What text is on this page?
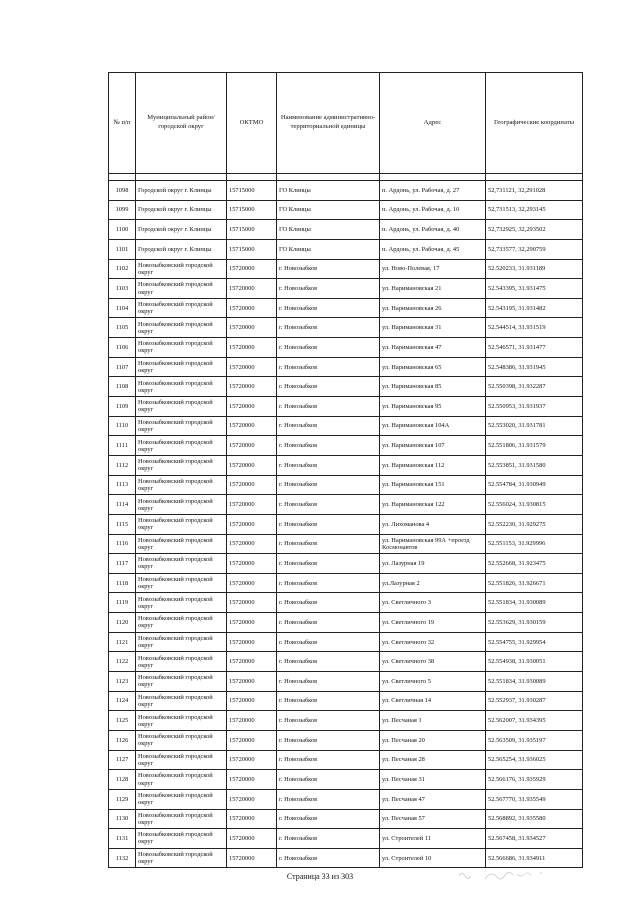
№ п/п	Муниципальный район/городской округ	ОКТМО	Наименование административно-территориальной единицы	Адрес	Географические координаты

1098	Городской округ г. Клинцы	15715000	ГО Клинцы	п. Ардонь, ул. Рабочая, д. 27	52,731121, 32,291028
1099	Городской округ г. Клинцы	15715000	ГО Клинцы	п. Ардонь, ул. Рабочая, д. 10	52,731513, 32,293145
1100	Городской округ г. Клинцы	15715000	ГО Клинцы	п. Ардонь, ул. Рабочая, д. 40	52,732925, 32,293502
1101	Городской округ г. Клинцы	15715000	ГО Клинцы	п. Ардонь, ул. Рабочая, д. 45	52,733577, 32,290759
1102	Новозыбковский городской округ	15720000	г. Новозыбков	ул. Ново-Полевая, 17	52.520233, 31.931189
1103	Новозыбковский городской округ	15720000	г. Новозыбков	ул. Наримановская 21	52.543395, 31.931475
1104	Новозыбковский городской округ	15720000	г. Новозыбков	ул. Наримановская 26	52.543195, 31.931482
1105	Новозыбковский городской округ	15720000	г. Новозыбков	ул. Наримановская 31	52.544514, 31.931519
1106	Новозыбковский городской округ	15720000	г. Новозыбков	ул. Наримановская 47	52.546571, 31.931477
1107	Новозыбковский городской округ	15720000	г. Новозыбков	ул. Наримановская 65	52.548386, 31.931945
1108	Новозыбковский городской округ	15720000	г. Новозыбков	ул. Наримановская 85	52.550398, 31.932287
1109	Новозыбковский городской округ	15720000	г. Новозыбков	ул. Наримановская 95	52.550953, 31.931937
1110	Новозыбковский городской округ	15720000	г. Новозыбков	ул. Наримановская 104А	52.553020, 31.931781
1111	Новозыбковский городской округ	15720000	г. Новозыбков	ул. Наримановская 107	52.551806, 31.931579
1112	Новозыбковский городской округ	15720000	г. Новозыбков	ул. Наримановская 112	52.553851, 31.931580
1113	Новозыбковский городской округ	15720000	г. Новозыбков	ул. Наримановская 151	52.554784, 31.930949
1114	Новозыбковский городской округ	15720000	г. Новозыбков	ул. Наримановская 122	52.556024, 31.930815
1115	Новозыбковский городской округ	15720000	г. Новозыбков	ул. Лихоманова 4	52.552230, 31.929275
1116	Новозыбковский городской округ	15720000	г. Новозыбков	ул. Наримановская 99А +проезд Космонавтов	52.551153, 31.929996
1117	Новозыбковский городской округ	15720000	г. Новозыбков	ул. Лазурная 19	52.552668, 31.923475
1118	Новозыбковский городской округ	15720000	г. Новозыбков	ул.Лазурная 2	52.551826, 31.926671
1119	Новозыбковский городской округ	15720000	г. Новозыбков	ул. Светличного 3	52.551834, 31.930089
1120	Новозыбковский городской округ	15720000	г. Новозыбков	ул. Светличного 19	52.553629, 31.930159
1121	Новозыбковский городской округ	15720000	г. Новозыбков	ул. Светличного 32	52.554755, 31.929954
1122	Новозыбковский городской округ	15720000	г. Новозыбков	ул. Светличного 38	52.554938, 31.930051
1123	Новозыбковский городской округ	15720000	г. Новозыбков	ул. Светличного 5	52.551834, 31.930089
1124	Новозыбковский городской округ	15720000	г. Новозыбков	ул. Светличная 14	52.552937, 31.930287
1125	Новозыбковский городской округ	15720000	г. Новозыбков	ул. Песчаная 1	52.562007, 31.934395
1126	Новозыбковский городской округ	15720000	г. Новозыбков	ул. Песчаная 20	52.563509, 31.935197
1127	Новозыбковский городской округ	15720000	г. Новозыбков	ул. Песчаная 28	52.565254, 31.936025
1128	Новозыбковский городской округ	15720000	г. Новозыбков	ул. Песчаная 31	52.566176, 31.935929
1129	Новозыбковский городской округ	15720000	г. Новозыбков	ул. Песчаная 47	52.567770, 31.935549
1130	Новозыбковский городской округ	15720000	г. Новозыбков	ул. Песчаная 57	52.568892, 31.935580
1131	Новозыбковский городской округ	15720000	г. Новозыбков	ул. Строителей 11	52.567458, 31.934527
1132	Новозыбковский городской округ	15720000	г. Новозыбков	ул. Строителей 10	52.566686, 31.934911
Страница 33 из 303
